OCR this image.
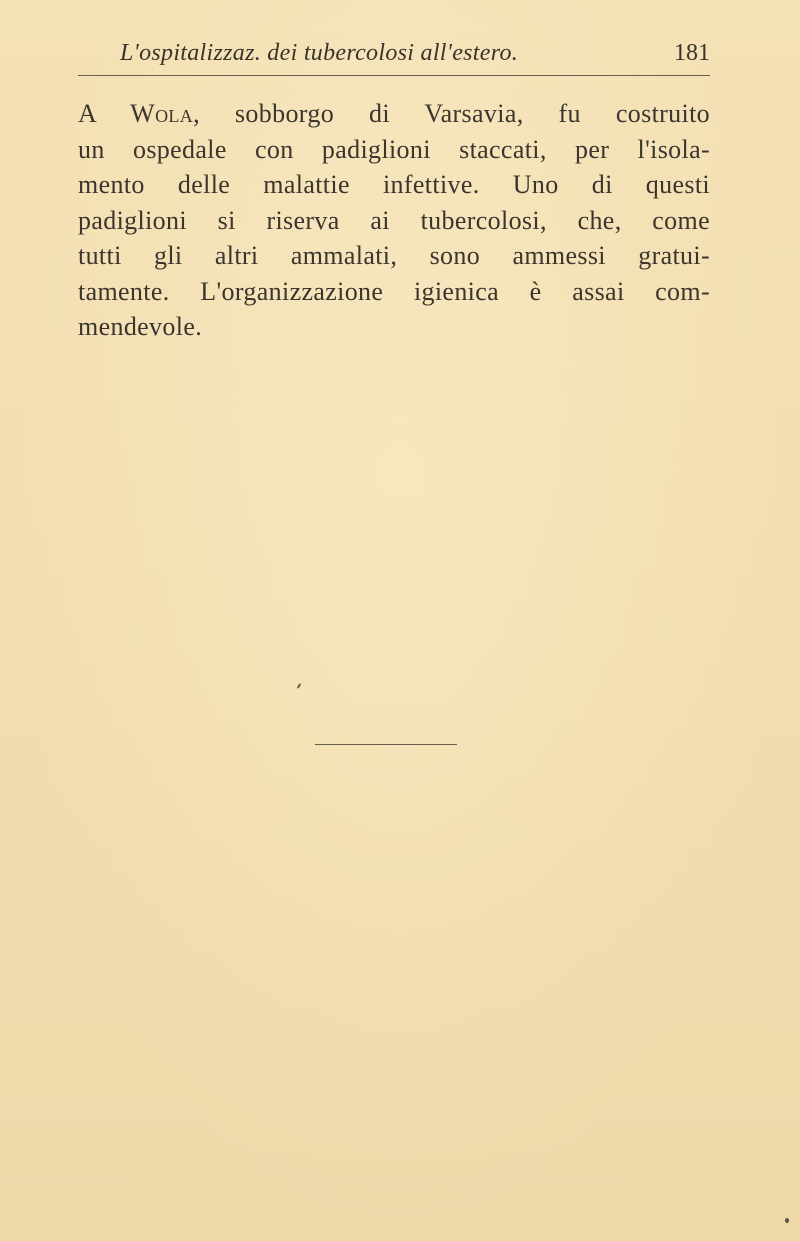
L'ospitalizzaz. dei tubercolosi all'estero.	181
A Wola, sobborgo di Varsavia, fu costruito
un ospedale con padiglioni staccati, per l'isola-
mento delle malattie infettive. Uno di questi
padiglioni si riserva ai tubercolosi, che, come
tutti gli altri ammalati, sono ammessi gratui-
tamente. L'organizzazione igienica è assai com-
mendevole.
